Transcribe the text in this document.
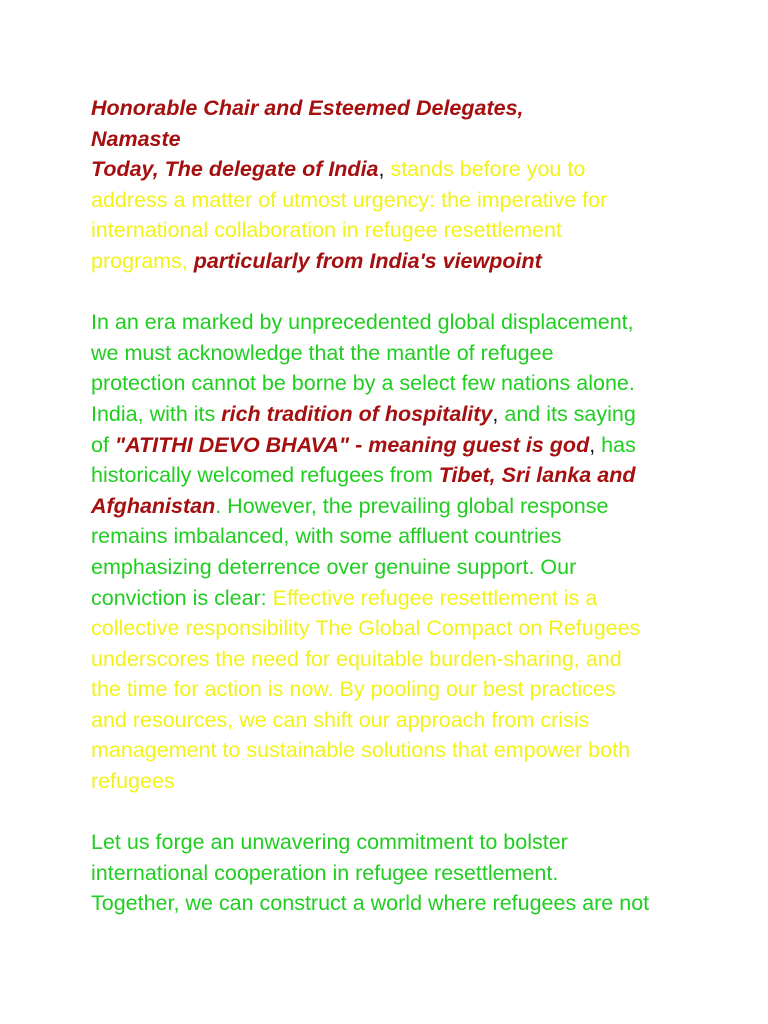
Honorable Chair and Esteemed Delegates,
Namaste
Today, The delegate of India, stands before you to
address a matter of utmost urgency: the imperative for
international collaboration in refugee resettlement
programs, particularly from India's viewpoint
In an era marked by unprecedented global displacement,
we must acknowledge that the mantle of refugee
protection cannot be borne by a select few nations alone.
India, with its rich tradition of hospitality, and its saying
of "ATITHI DEVO BHAVA" - meaning guest is god, has
historically welcomed refugees from Tibet, Sri lanka and
Afghanistan. However, the prevailing global response
remains imbalanced, with some affluent countries
emphasizing deterrence over genuine support. Our
conviction is clear: Effective refugee resettlement is a
collective responsibility The Global Compact on Refugees
underscores the need for equitable burden-sharing, and
the time for action is now. By pooling our best practices
and resources, we can shift our approach from crisis
management to sustainable solutions that empower both
refugees
Let us forge an unwavering commitment to bolster
international cooperation in refugee resettlement.
Together, we can construct a world where refugees are not
